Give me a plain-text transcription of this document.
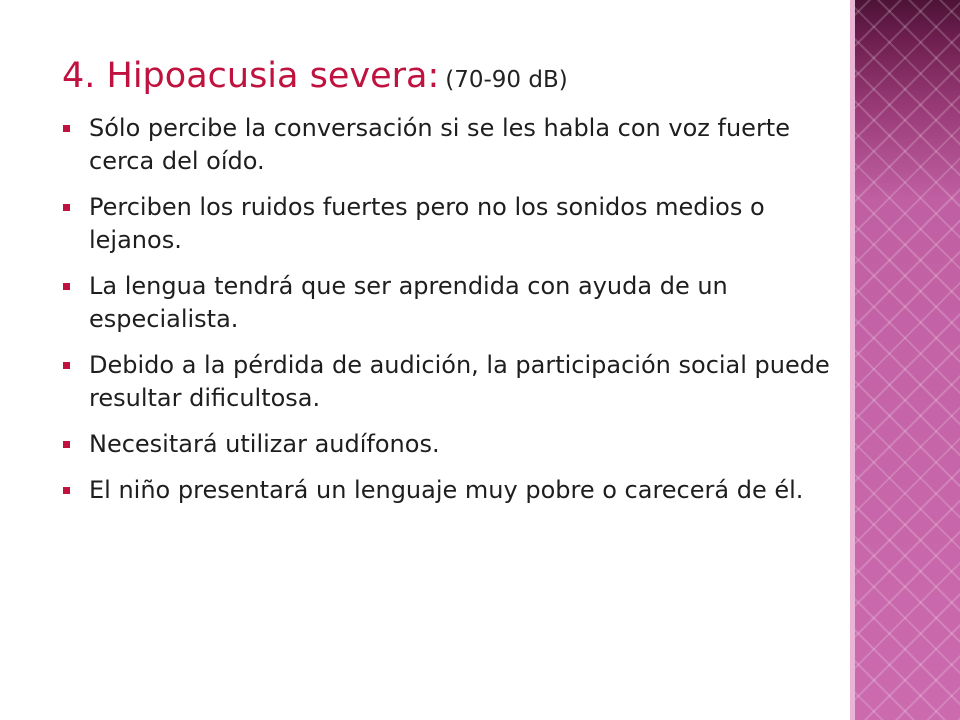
4. Hipoacusia severa: (70-90 dB)
Sólo percibe la conversación si se les habla con voz fuerte cerca del oído.
Perciben los ruidos fuertes pero no los sonidos medios o lejanos.
La lengua tendrá que ser aprendida con ayuda de un especialista.
Debido a la pérdida de audición, la participación social puede resultar dificultosa.
Necesitará utilizar audífonos.
El niño presentará un lenguaje muy pobre o carecerá de él.
